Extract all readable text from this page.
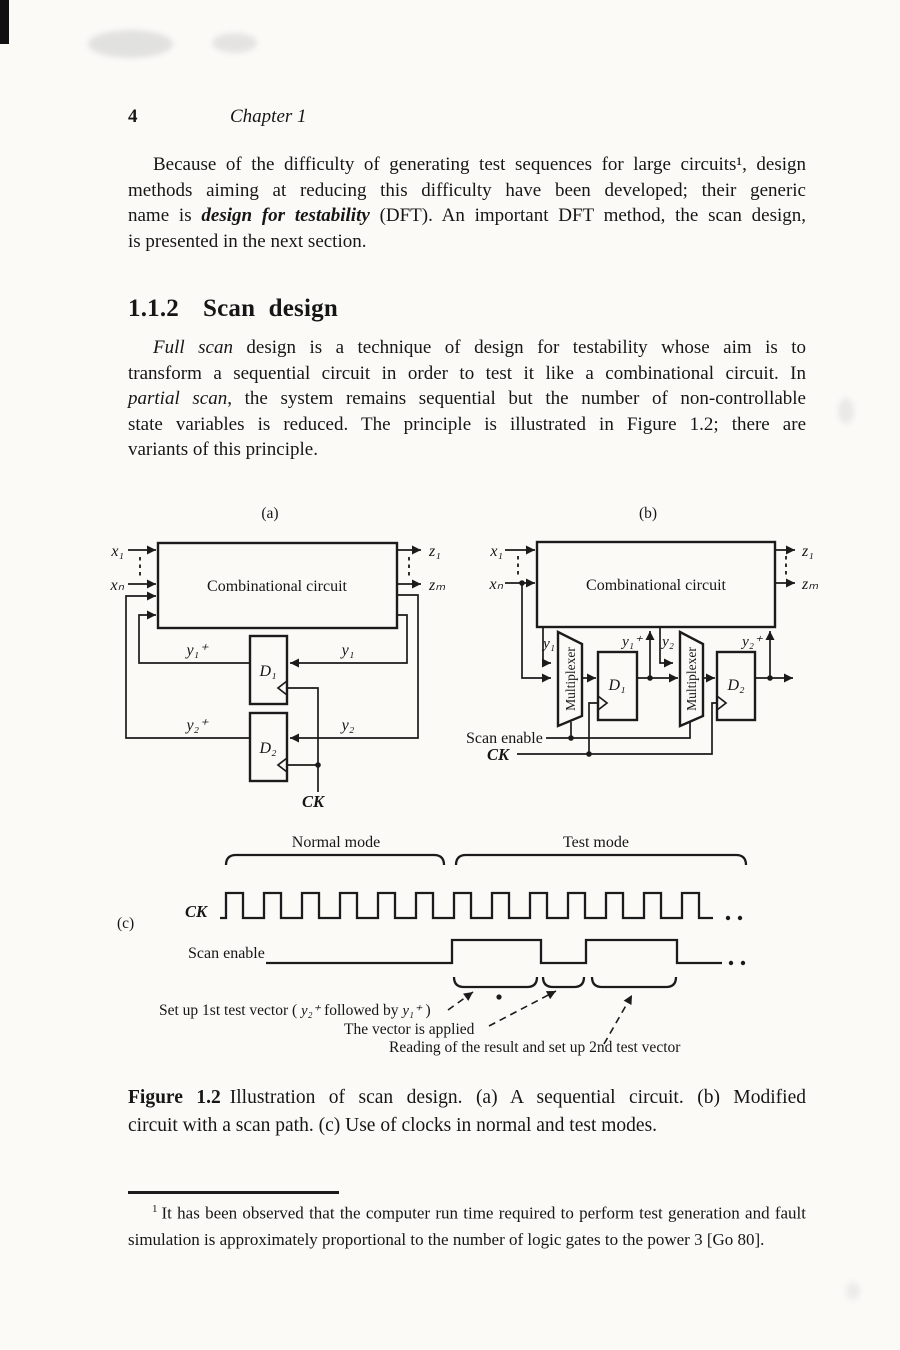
4	Chapter 1
Because of the difficulty of generating test sequences for large circuits¹, design
methods aiming at reducing this difficulty have been developed; their generic
name is design for testability (DFT). An important DFT method, the scan design,
is presented in the next section.
1.1.2 Scan design
Full scan design is a technique of design for testability whose aim is to
transform a sequential circuit in order to test it like a combinational circuit. In
partial scan, the system remains sequential but the number of non-controllable
state variables is reduced. The principle is illustrated in Figure 1.2; there are
variants of this principle.
(a)
Combinational circuit
x₁
xₙ
z₁
zₘ
D₁
D₂
y₁⁺	y₁
y₂⁺	y₂
CK
(b)
Combinational circuit
x₁
xₙ
z₁
zₘ
y₁
Multiplexer D₁
y₁⁺ y₂
Multiplexer D₂
y₂⁺
Scan enable
CK
(c)
Normal mode	Test mode
CK
Scan enable
Set up 1st test vector ( y₂⁺ followed by y₁⁺ )
The vector is applied
Reading of the result and set up 2nd test vector
Figure 1.2 Illustration of scan design. (a) A sequential circuit. (b) Modified
circuit with a scan path. (c) Use of clocks in normal and test modes.
$^1$ It has been observed that the computer run time required to perform test generation and fault
simulation is approximately proportional to the number of logic gates to the power 3 [Go 80].
